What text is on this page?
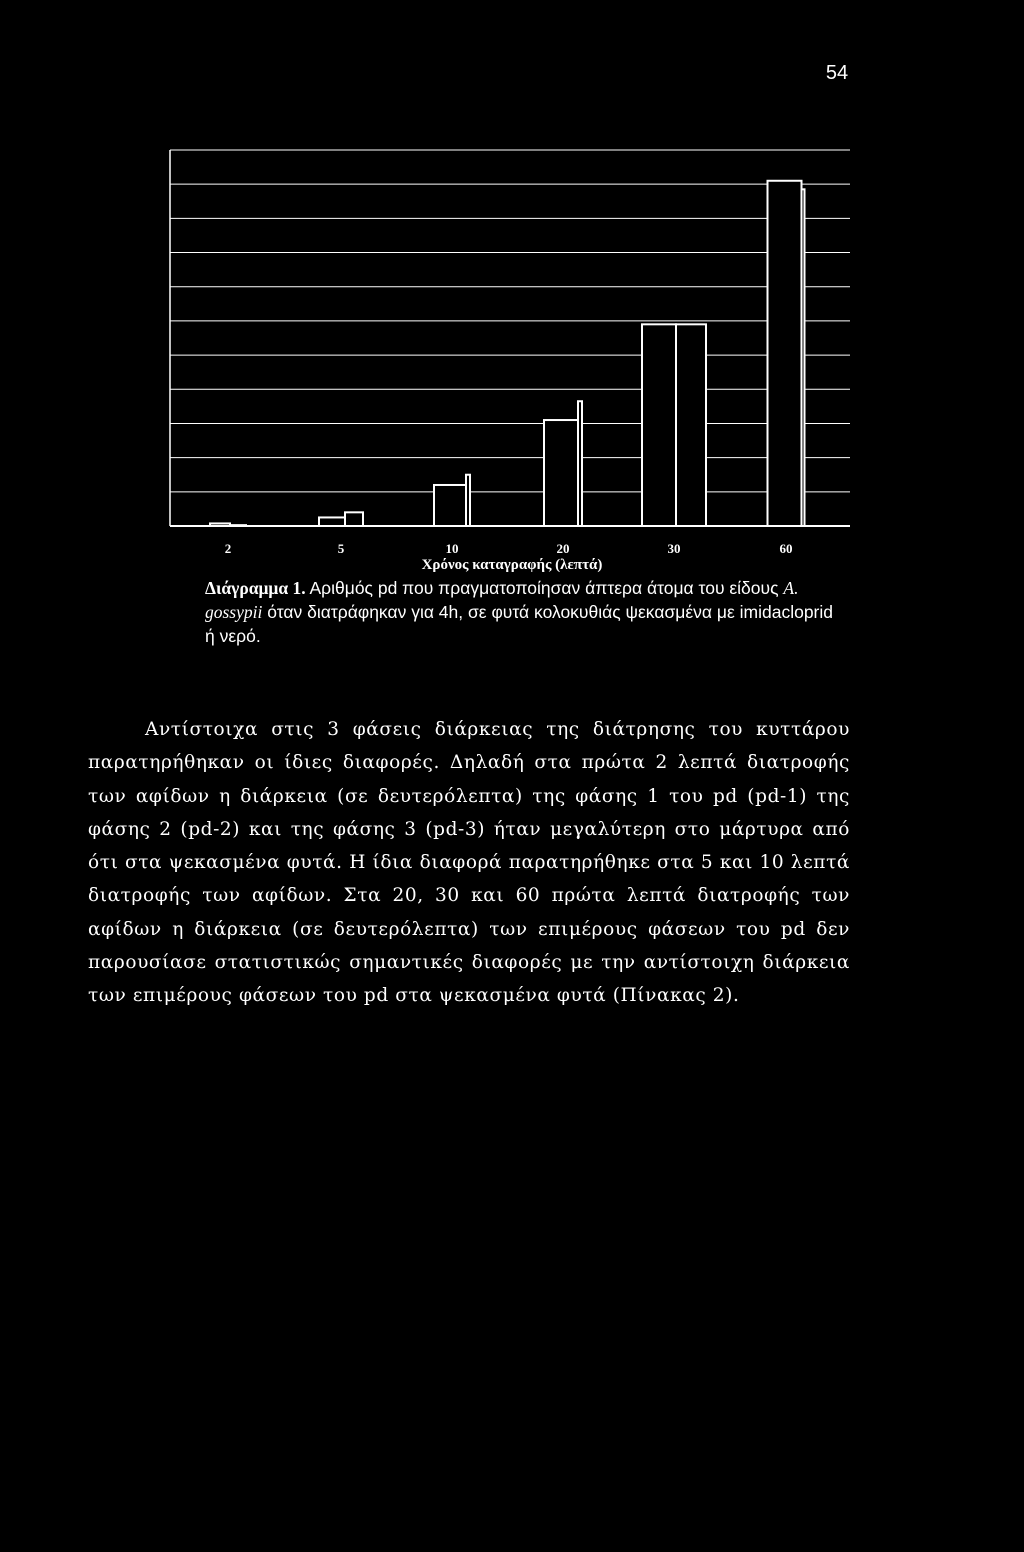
54
2	5	10	20	30	60
Χρόνος καταγραφής (λεπτά)
Διάγραμμα 1. Αριθμός pd που πραγματοποίησαν άπτερα άτομα του είδους A. gossypii όταν διατράφηκαν για 4h, σε φυτά κολοκυθιάς ψεκασμένα με imidacloprid ή νερό.

Αντίστοιχα στις 3 φάσεις διάρκειας της διάτρησης του κυττάρου παρατηρήθηκαν οι ίδιες διαφορές. Δηλαδή στα πρώτα 2 λεπτά διατροφής των αφίδων η διάρκεια (σε δευτερόλεπτα) της φάσης 1 του pd (pd-1) της φάσης 2 (pd-2) και της φάσης 3 (pd-3) ήταν μεγαλύτερη στο μάρτυρα από ότι στα ψεκασμένα φυτά. Η ίδια διαφορά παρατηρήθηκε στα 5 και 10 λεπτά διατροφής των αφίδων. Στα 20, 30 και 60 πρώτα λεπτά διατροφής των αφίδων η διάρκεια (σε δευτερόλεπτα) των επιμέρους φάσεων του pd δεν παρουσίασε στατιστικώς σημαντικές διαφορές με την αντίστοιχη διάρκεια των επιμέρους φάσεων του pd στα ψεκασμένα φυτά (Πίνακας 2).
